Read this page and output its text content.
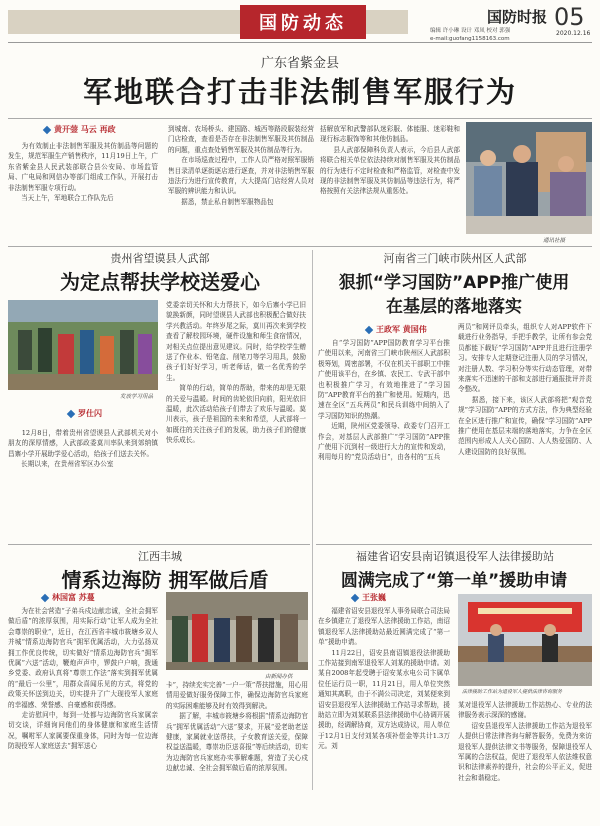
国防动态	国防时报 05
2020.12.16
编辑 许小琳 设计 邓凤 校对 郭强
e-mail:guofang1158163.com
广东省紫金县
军地联合打击非法制售军服行为
黄开蓥 马云 再政
　　为有效制止非法制售军服及其仿制品等问题的发生，规范军服生产销售秩序，11月19日上午，广东省紫金县人民武装部联合县公安局、市场监管局、广电局和网信办等部门组成工作队，开展打击非法制售军服专项行动。
　　当天上午，军地联合工作队先后
到城南、农场桥头、建国路、城西等路段服装经营门店检查，查看是否存在非法制售军服及其仿制品的问题，重点查处销售军服及其仿制品等行为。
　　在市场巡查过程中，工作人员严格对照军服销售目录清单逐街逐店进行逐查，并对非法销售军服违法行为进行宣传教育，大大提高门店经营人员对军服的辨识能力和认识。
　　据悉，禁止私自制售军服物品包
括解放军和武警部队迷彩服、体能服、迷彩鞋和现行标志服饰等和其他仿制品。
　　县人武部保障科负责人表示，今后县人武部将联合相关单位依法持续对制售军服及其仿制品的行为进行不定时检查和严格监管，对检查中发现的非法制售军服及其仿制品等违法行为，将严格按照有关法律法规从重惩处。
通讯社摄
贵州省望谟县人武部
为定点帮扶学校送爱心
发放学习用品
罗仕闪
　　12月8日，带着贵州省望谟县人武部机关对小朋友的深厚情感，人武部政委莫川率队来到郊纳镇昌寨小学开展助学爱心活动，给孩子们送去关怀。
　　长期以来，在贵州省军区办公室
党委亲切关怀和大力帮扶下，如今后寨小学已旧貌换新颜，同时望谟县人武部也积极配合做好扶学兴教活动。年终岁尾之际，莫川再次来到学校查看了解校园环境，硬件设施和师生食宿情况，对相关点位提出意见建议。同时，给学校学生赠送了作业本、铅笔盒、削笔刀等学习用具，鼓励孩子们好好学习，听老师话，做一名优秀的学生。
　　简单的行动，简单的帮助，带来的却是无限的关爱与温暖。时间的齿轮依旧向前，阳光依旧温暖，此次活动给孩子们带去了欢乐与温暖。莫川表示，孩子是祖国的未来和希望，人武部将一如既往的关注孩子们的发展，助力孩子们的健康快乐成长。
河南省三门峡市陕州区人武部
狠抓“学习国防”APP推广使用
在基层的落地落实
王政军 黄国伟
　　自“学习国防”APP国防教育学习平台推广使用以来，河南省三门峡市陕州区人武部积极筹划，周密部署，不仅在机关干部职工中推广使用该平台，在乡镇、农民工、专武干部中也积极推广学习，有效地推进了“学习国防”APP教育平台的推广和使用。短期内，迅速在全区“五兵两员”和民兵训练中间纳入了学习国防知识的热潮。
　　近期，陕州区党委领导、政委专门召开工作会，对基层人武部推广“学习国防”APP推广使用下沉到村一级进行大力的宣传和发动，利用每月的“党员活动日”，由各村的“五兵
两员”和网评员牵头，组织专人对APP软件下载进行业务指导，手把手教学，让所有参会党员都能下载好“学习国防”APP并且进行注册学习。安排专人定期登记注册人员的学习情况，对注册人数、学习积分等实行动态管理，对带来落实不迅速的干部和支部进行通报批评并责令整改。
　　据悉，接下来，该区人武部将把“观音党规”学习国防”APP的方式方法，作为典型经验在全区进行推广和宣传，确保“学习国防”APP推广使用在基层末端的落地落实，力争在全区范围内形成人人关心国防、人人热爱国防、人人建设国防的良好氛围。
江西丰城
情系边海防 拥军做后盾
林国富 苏蔓
　　为在社会营造“子弟兵戍边献忠诚，全社会拥军做后盾”的浓厚氛围，用实际行动“让军人成为全社会尊崇的职业”，近日，在江西省丰城市筱塘乡双人并城“情系边海防官兵”拥军优属活动，大力弘扬双拥工作优良传统，切实做好“情系边海防官兵“拥军优属”六送”活动，鞭炮声声中，锣鼓户户响，拨通乡党委、政府认真将“尊崇工作法”落实到拥军优属的“最后一公里”，用群众喜闻乐见的方式，将党的政策关怀送到边关，切实提升了广大现役军人家庭的幸福感、荣誉感、自豪感和获得感。
　　走访慰问中，每到一处都与边海防官兵家属亲切交谈，详细询问他们的身体健康和家庭生活情况，嘱咐军人家属要保重身体，同时为每一位边海防现役军人家庭送去“拥军送心
由新闻办供
卡”，持续充实完善“一户一策”帮扶措施，用心用情用爱做好服务保障工作，确保边海防官兵家庭的实际困难能够及时有效得到解决。
　　据了解，丰城市筱塘乡将根据“情系边海防官兵”拥军优属活动“六送”要求，开展“爱老助老送健康，家属就业送帮扶，子女教育送关爱，保障权益送温暖，尊崇功臣送喜报”等后续活动，切实为边海防官兵家庭办实事解难题，营造了关心戍边献忠诚、全社会拥军做后盾的浓厚氛围。
福建省诏安县南诏镇退役军人法律援助站
圆满完成了“第一单”援助申请
王张巍
　　福建省诏安县退役军人事务局联合司法局在乡镇建立了退役军人法律援助工作站，南诏镇退役军人法律援助站最近圆满完成了“第一单”援助申请。
　　11月22日，诏安县南诏镇退役法律援助工作站接到南军退役军人刘某的援助申请。刘某自2008年起受聘于诏安某水电公司卞属单位任运行员一职，11月21日，用人单位突然通知其离职，由于不满公司决定，刘某便来到诏安县退役军人法律援助工作站寻求帮助，援助站立即为刘某联系县法律援助中心协调开展援助，经调解协商，双方达成协议，用人单位于12月1日支付刘某各项补偿金等共计1.3万元。刘
法律援助工作站为退役军人提供法律咨询服务
某对退役军人法律援助工作站热心、专业的法律服务表示深深的感谢。
　　诏安县退役军人法律援助工作站为退役军人提供日常法律咨询与解答服务，免费为来访退役军人提供法律文书等服务，保障退役军人军属的合法权益，促进了退役军人依法维权意识和法律素养的提升，社会的公平正义，促进社会和谐稳定。
